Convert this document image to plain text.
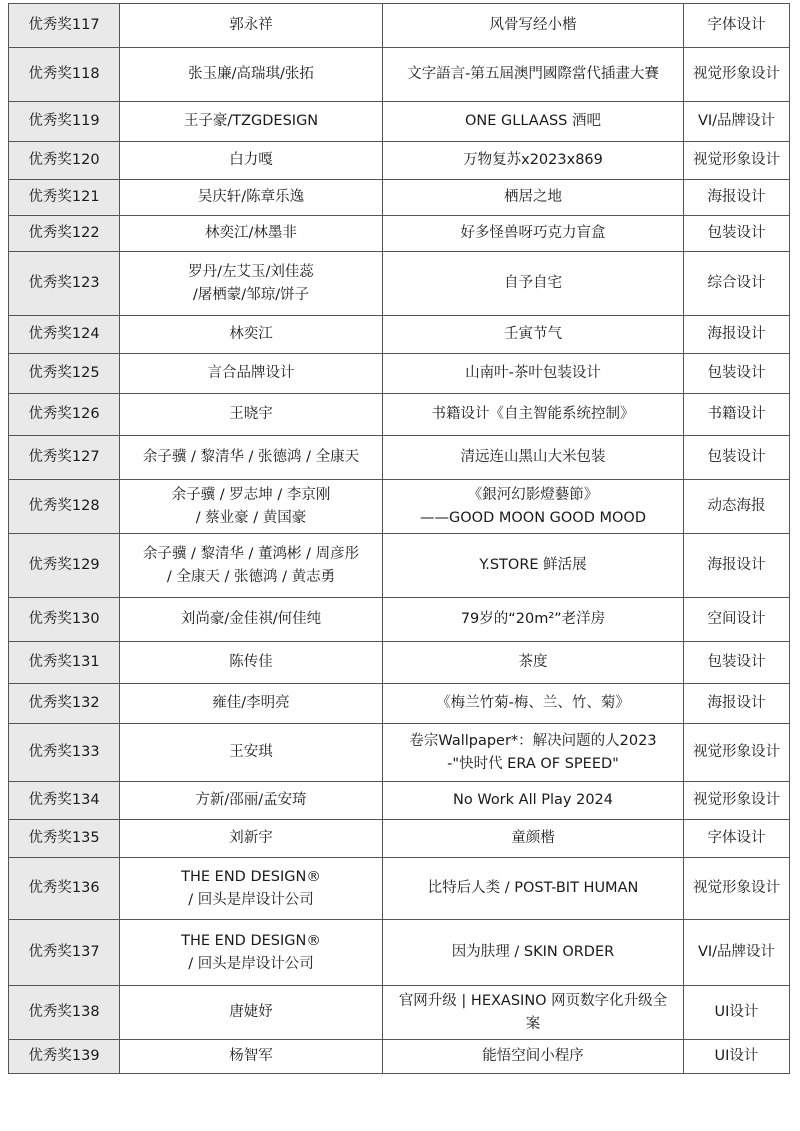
优秀奖117	郭永祥	风骨写经小楷	字体设计
优秀奖118	张玉廉/高瑞琪/张拓	文字語言-第五屆澳門國際當代插畫大賽	视觉形象设计
优秀奖119	王子豪/TZGDESIGN	ONE GLLAASS 酒吧	VI/品牌设计
优秀奖120	白力嘎	万物复苏x2023x869	视觉形象设计
优秀奖121	吴庆轩/陈章乐逸	栖居之地	海报设计
优秀奖122	林奕江/林墨非	好多怪兽呀巧克力盲盒	包装设计
优秀奖123	罗丹/左艾玉/刘佳蕊
/屠栖蒙/邹琼/饼子	自予自宅	综合设计
优秀奖124	林奕江	壬寅节气	海报设计
优秀奖125	言合品牌设计	山南叶-茶叶包装设计	包装设计
优秀奖126	王晓宇	书籍设计《自主智能系统控制》	书籍设计
优秀奖127	余子骥 / 黎清华 / 张德鸿 / 全康天	清远连山黑山大米包装	包装设计
优秀奖128	余子骥 / 罗志坤 / 李京刚
/ 蔡业豪 / 黄国豪	《銀河幻影燈藝節》
——GOOD MOON GOOD MOOD	动态海报
优秀奖129	余子骥 / 黎清华 / 董鸿彬 / 周彦彤
/ 全康天 / 张德鸿 / 黄志勇	Y.STORE 鲜活展	海报设计
优秀奖130	刘尚豪/金佳祺/何佳纯	79岁的“20m²”老洋房	空间设计
优秀奖131	陈传佳	茶度	包装设计
优秀奖132	雍佳/李明亮	《梅兰竹菊-梅、兰、竹、菊》	海报设计
优秀奖133	王安琪	卷宗Wallpaper*：解决问题的人2023
-"快时代 ERA OF SPEED"	视觉形象设计
优秀奖134	方新/邵丽/孟安琦	No Work All Play 2024	视觉形象设计
优秀奖135	刘新宇	童颜楷	字体设计
优秀奖136	THE END DESIGN®
/ 回头是岸设计公司	比特后人类 / POST-BIT HUMAN	视觉形象设计
优秀奖137	THE END DESIGN®
/ 回头是岸设计公司	因为肤理 / SKIN ORDER	VI/品牌设计
优秀奖138	唐婕妤	官网升级 | HEXASINO 网页数字化升级全
案	UI设计
优秀奖139	杨智军	能悟空间小程序	UI设计
